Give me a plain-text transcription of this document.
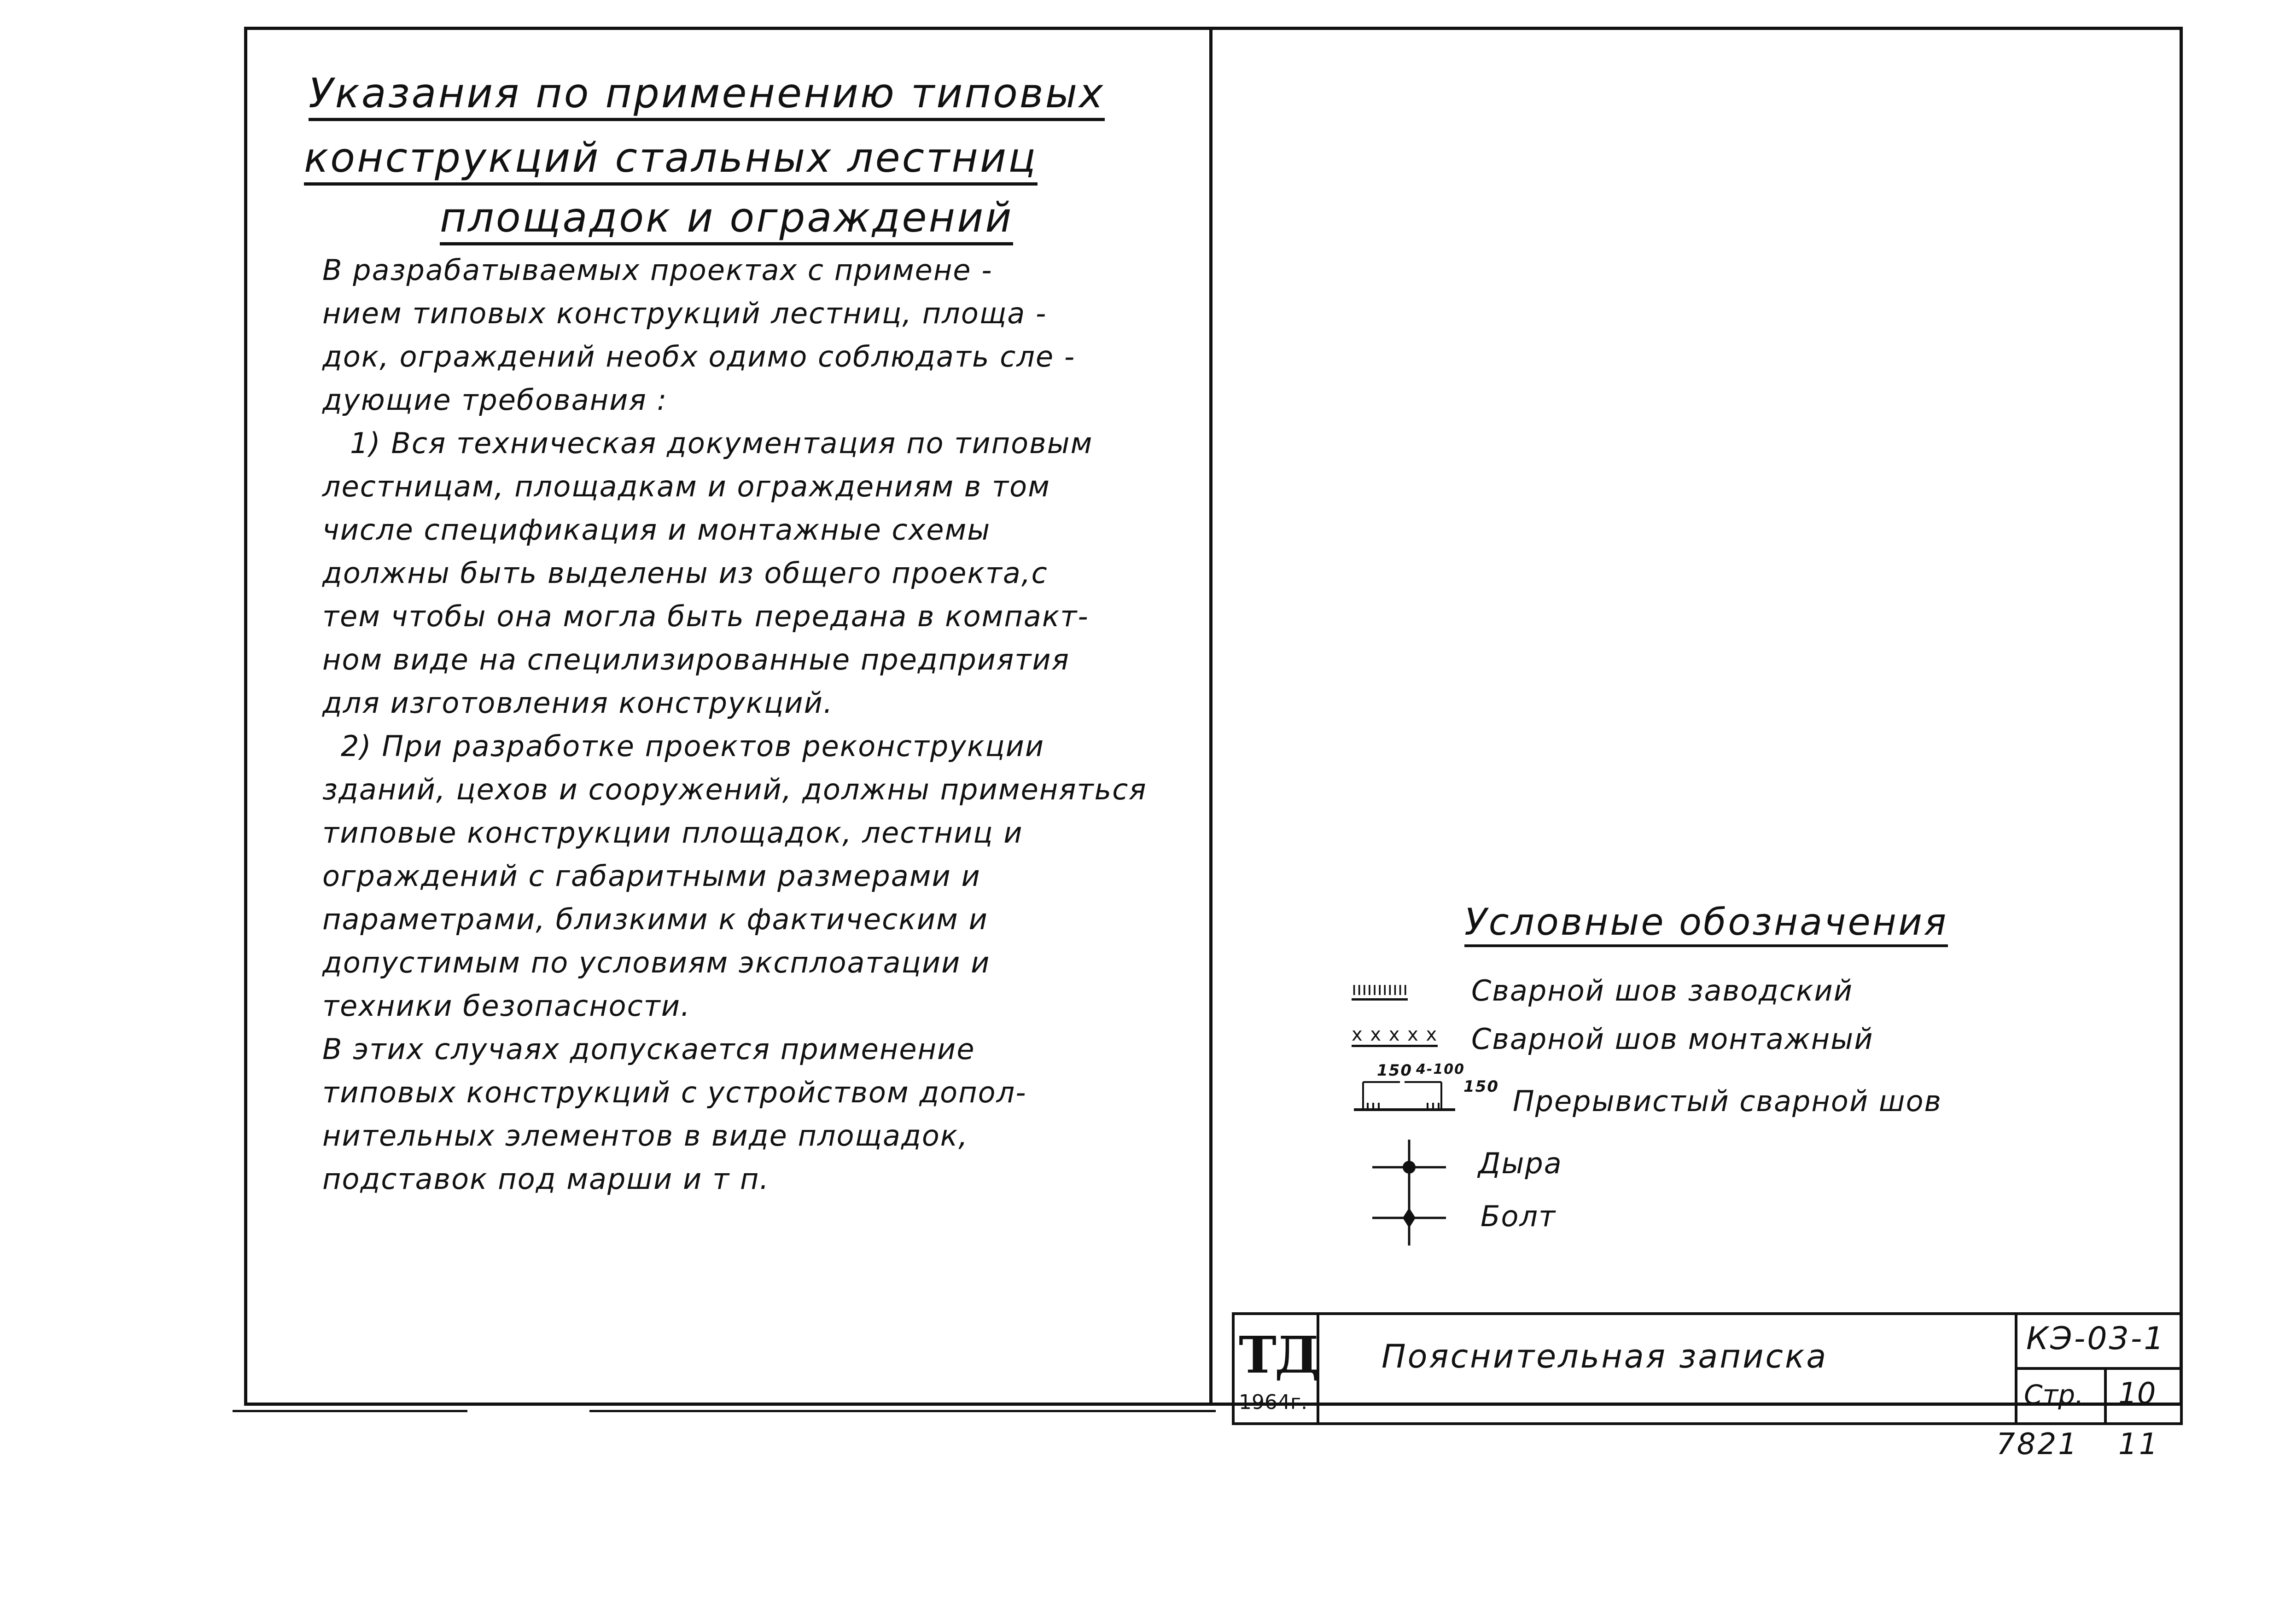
Указания по применению типовых
конструкций стальных лестниц
площадок и ограждений
В разрабатываемых проектах с примене -
нием типовых конструкций лестниц, площа -
док, ограждений необх одимо соблюдать сле -
дующие требования :
1) Вся техническая документация по типовым
лестницам, площадкам и ограждениям в том
числе спецификация и монтажные схемы
должны быть выделены из общего проекта,с
тем чтобы она могла быть передана в компакт-
ном виде на специлизированные предприятия
для изготовления конструкций.
2) При разработке проектов реконструкции
зданий, цехов и сооружений, должны применяться
типовые конструкции площадок, лестниц и
ограждений с габаритными размерами и
параметрами, близкими к фактическим и
допустимым по условиям эксплоатации и
техники безопасности.
В этих случаях допускается применение
типовых конструкций с устройством допол-
нительных элементов в виде площадок,
подставок под марши и т п.
Условные обозначения
ııııııııııı Сварной шов заводский
x x x x x Сварной шов монтажный
150 4-100
150 Прерывистый сварной шов
Дыра
Болт
ТД
1964г.
Пояснительная записка	КЭ-03-1
Стр. 10
7821 11
